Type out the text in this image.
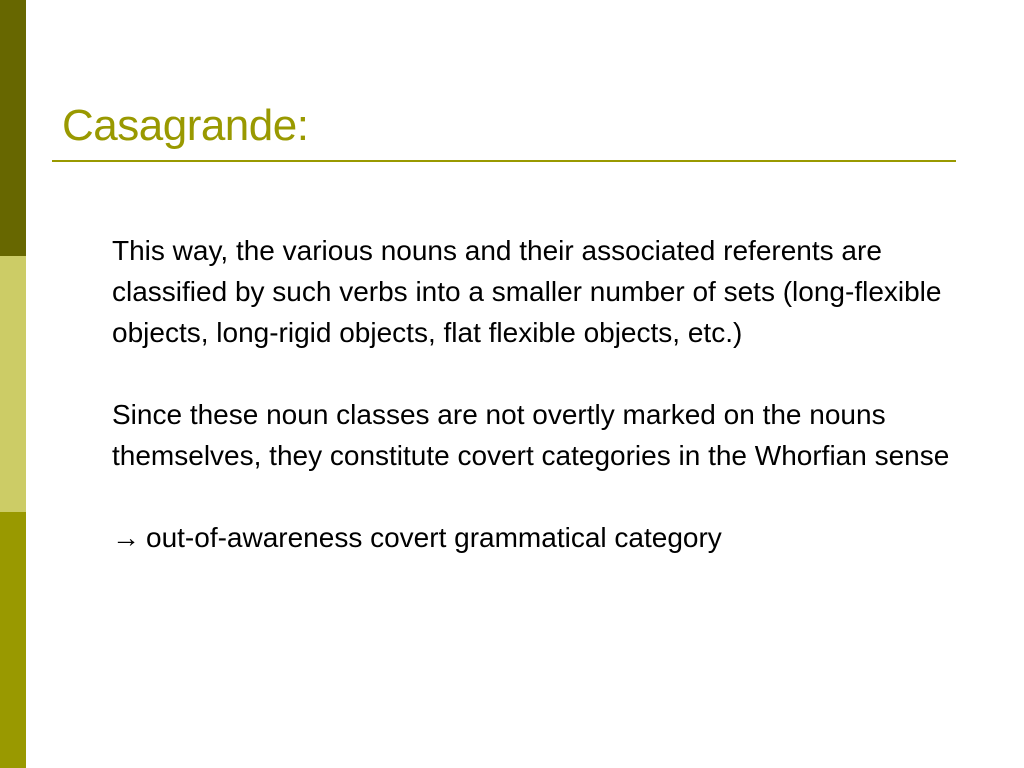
Casagrande:

This way, the various nouns and their associated referents are classified by such verbs into a smaller number of sets (long-flexible objects, long-rigid objects, flat flexible objects, etc.)

Since these noun classes are not overtly marked on the nouns themselves, they constitute covert categories in the Whorfian sense

→ out-of-awareness covert grammatical category
